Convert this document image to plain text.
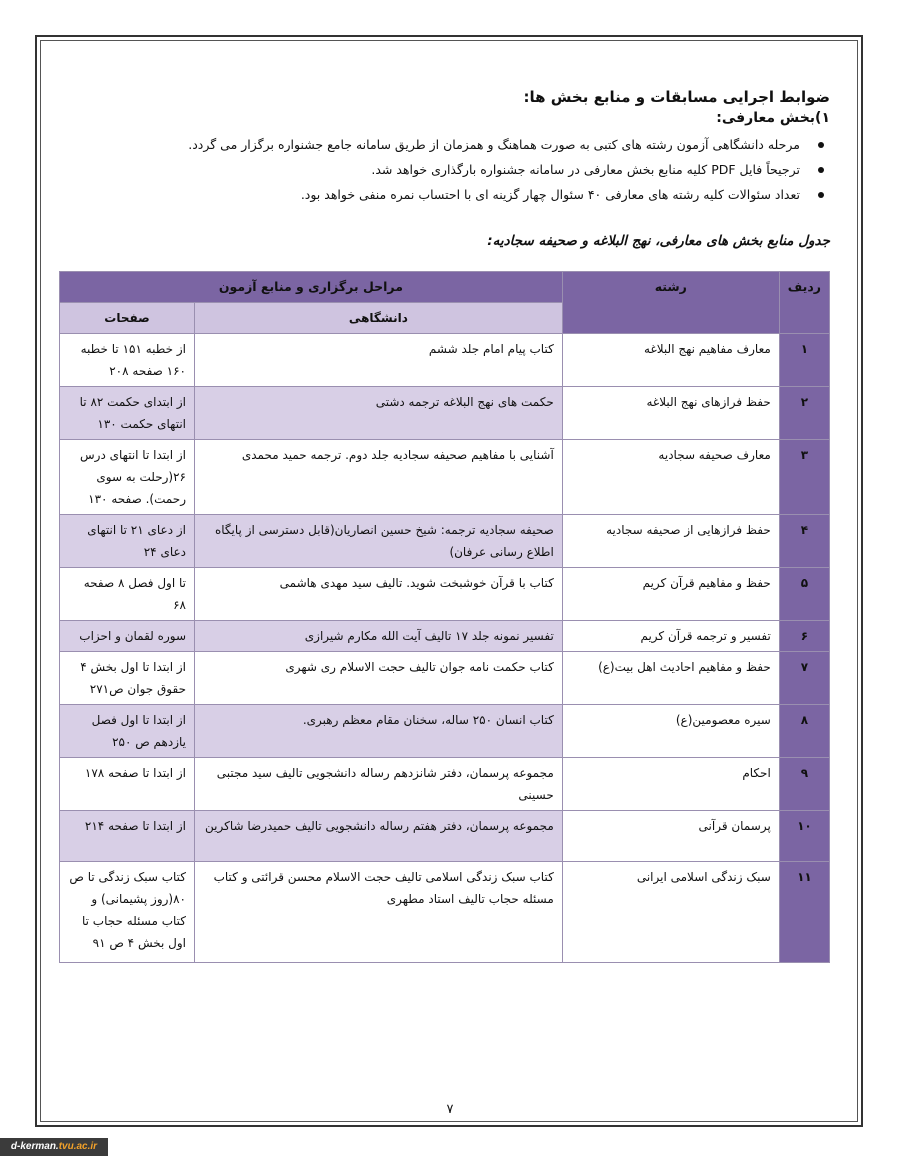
ضوابط اجرایی مسابقات و منابع بخش ها:
۱)بخش معارفی:
مرحله دانشگاهی آزمون رشته های کتبی به صورت هماهنگ و همزمان از طریق سامانه جامع جشنواره برگزار می گردد.
ترجیحاً فایل PDF کلیه منابع بخش معارفی در سامانه جشنواره بارگذاری خواهد شد.
تعداد سئوالات کلیه رشته های معارفی ۴۰ سئوال چهار گزینه ای با احتساب نمره منفی خواهد بود.
جدول منابع بخش های معارفی، نهج البلاغه و صحیفه سجادیه:
ردیف	رشته	مراحل برگزاری و منابع آزمون	
		دانشگاهی	صفحات
۱	معارف مفاهیم نهج البلاغه	کتاب پیام امام جلد ششم	از خطبه ۱۵۱ تا خطبه ۱۶۰ صفحه ۲۰۸
۲	حفظ فرازهای نهج البلاغه	حکمت های نهج البلاغه ترجمه دشتی	از ابتدای حکمت ۸۲ تا انتهای حکمت ۱۳۰
۳	معارف صحیفه سجادیه	آشنایی با مفاهیم صحیفه سجادیه جلد دوم. ترجمه حمید محمدی	از ابتدا تا انتهای درس ۲۶(رحلت به سوی رحمت). صفحه ۱۳۰
۴	حفظ فرازهایی از صحیفه سجادیه	صحیفه سجادیه ترجمه: شیخ حسین انصاریان(قابل دسترسی از پایگاه اطلاع رسانی عرفان)	از دعای ۲۱ تا انتهای دعای ۲۴
۵	حفظ و مفاهیم قرآن کریم	کتاب با قرآن خوشبخت شوید. تالیف سید مهدی هاشمی	تا اول فصل ۸ صفحه ۶۸
۶	تفسیر و ترجمه قرآن کریم	تفسیر نمونه جلد ۱۷ تالیف آیت الله مکارم شیرازی	سوره لقمان و احزاب
۷	حفظ و مفاهیم احادیث اهل بیت(ع)	کتاب حکمت نامه جوان تالیف حجت الاسلام ری شهری	از ابتدا تا اول بخش ۴ حقوق جوان ص۲۷۱
۸	سیره معصومین(ع)	کتاب انسان ۲۵۰ ساله، سخنان مقام معظم رهبری.	از ابتدا تا اول فصل یازدهم ص ۲۵۰
۹	احکام	مجموعه پرسمان، دفتر شانزدهم رساله دانشجویی تالیف سید مجتبی حسینی	از ابتدا تا صفحه ۱۷۸
۱۰	پرسمان قرآنی	مجموعه پرسمان، دفتر هفتم رساله دانشجویی تالیف حمیدرضا شاکرین	از ابتدا تا صفحه ۲۱۴
۱۱	سبک زندگی اسلامی ایرانی	کتاب سبک زندگی اسلامی تالیف حجت الاسلام محسن قرائتی و کتاب مسئله حجاب تالیف استاد مطهری	کتاب سبک زندگی تا ص ۸۰(روز پشیمانی) و کتاب مسئله حجاب تا اول بخش ۴ ص ۹۱
۷
d-kerman.tvu.ac.ir
